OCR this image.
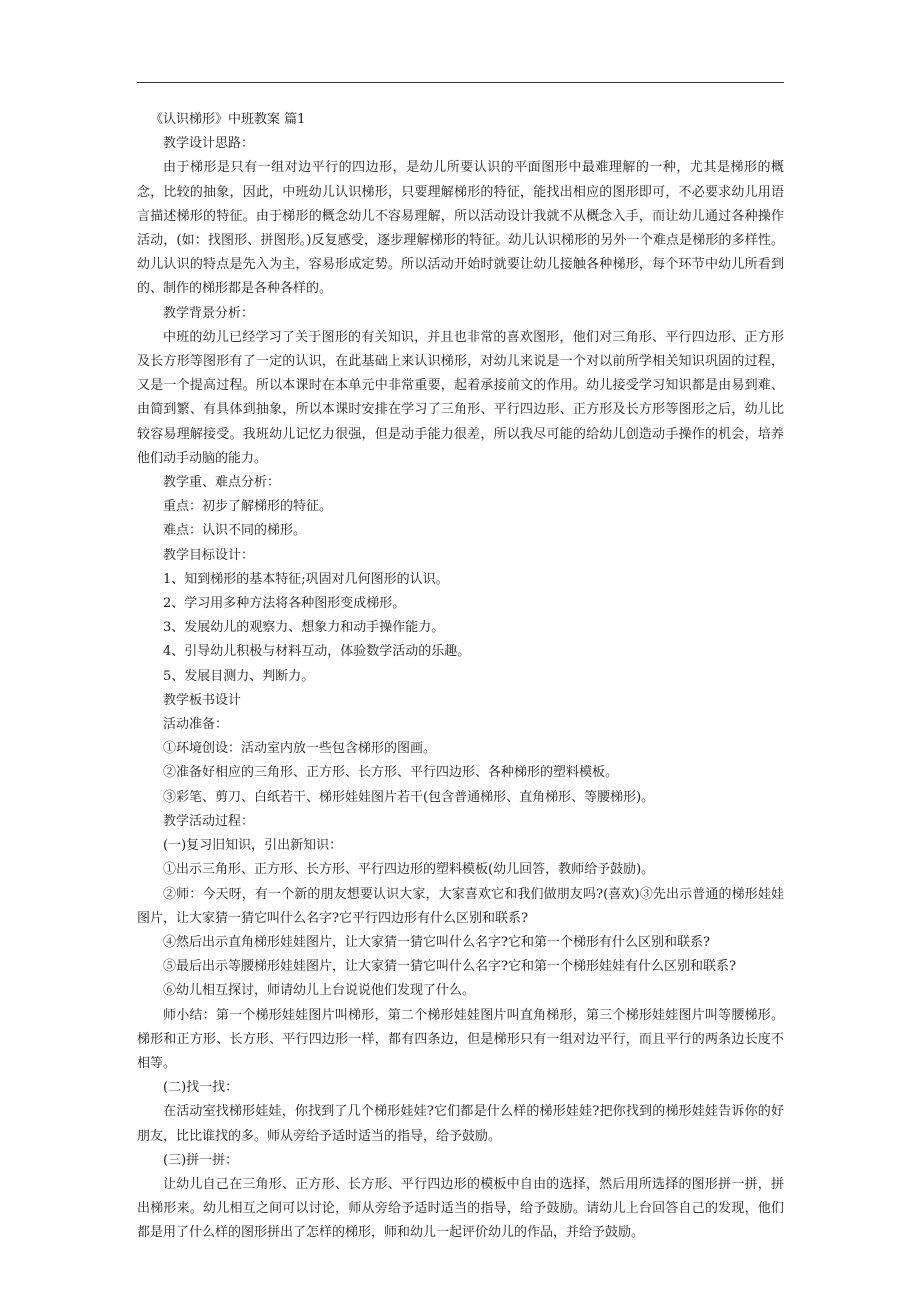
《认识梯形》中班教案 篇1

教学设计思路：

由于梯形是只有一组对边平行的四边形，是幼儿所要认识的平面图形中最难理解的一种，尤其是梯形的概念，比较的抽象，因此，中班幼儿认识梯形，只要理解梯形的特征，能找出相应的图形即可，不必要求幼儿用语言描述梯形的特征。由于梯形的概念幼儿不容易理解，所以活动设计我就不从概念入手，而让幼儿通过各种操作活动，(如：找图形、拼图形。)反复感受，逐步理解梯形的特征。幼儿认识梯形的另外一个难点是梯形的多样性。幼儿认识的特点是先入为主，容易形成定势。所以活动开始时就要让幼儿接触各种梯形，每个环节中幼儿所看到的、制作的梯形都是各种各样的。

教学背景分析：

中班的幼儿已经学习了关于图形的有关知识，并且也非常的喜欢图形，他们对三角形、平行四边形、正方形及长方形等图形有了一定的认识，在此基础上来认识梯形，对幼儿来说是一个对以前所学相关知识巩固的过程，又是一个提高过程。所以本课时在本单元中非常重要，起着承接前文的作用。幼儿接受学习知识都是由易到难、由简到繁、有具体到抽象，所以本课时安排在学习了三角形、平行四边形、正方形及长方形等图形之后，幼儿比较容易理解接受。我班幼儿记忆力很强，但是动手能力很差，所以我尽可能的给幼儿创造动手操作的机会，培养他们动手动脑的能力。

教学重、难点分析：

重点：初步了解梯形的特征。

难点：认识不同的梯形。

教学目标设计：

1、知到梯形的基本特征;巩固对几何图形的认识。

2、学习用多种方法将各种图形变成梯形。

3、发展幼儿的观察力、想象力和动手操作能力。

4、引导幼儿积极与材料互动，体验数学活动的乐趣。

5、发展目测力、判断力。

教学板书设计

活动准备：

①环境创设：活动室内放一些包含梯形的图画。

②准备好相应的三角形、正方形、长方形、平行四边形、各种梯形的塑料模板。

③彩笔、剪刀、白纸若干、梯形娃娃图片若干(包含普通梯形、直角梯形、等腰梯形)。

教学活动过程：

(一)复习旧知识，引出新知识：

①出示三角形、正方形、长方形、平行四边形的塑料模板(幼儿回答，教师给予鼓励)。

②师：今天呀，有一个新的朋友想要认识大家，大家喜欢它和我们做朋友吗?(喜欢)③先出示普通的梯形娃娃图片，让大家猜一猜它叫什么名字?它平行四边形有什么区别和联系?

④然后出示直角梯形娃娃图片，让大家猜一猜它叫什么名字?它和第一个梯形有什么区别和联系?

⑤最后出示等腰梯形娃娃图片，让大家猜一猜它叫什么名字?它和第一个梯形娃娃有什么区别和联系?

⑥幼儿相互探讨，师请幼儿上台说说他们发现了什么。

师小结：第一个梯形娃娃图片叫梯形，第二个梯形娃娃图片叫直角梯形，第三个梯形娃娃图片叫等腰梯形。梯形和正方形、长方形、平行四边形一样，都有四条边，但是梯形只有一组对边平行，而且平行的两条边长度不相等。

(二)找一找：

在活动室找梯形娃娃，你找到了几个梯形娃娃?它们都是什么样的梯形娃娃?把你找到的梯形娃娃告诉你的好朋友，比比谁找的多。师从旁给予适时适当的指导，给予鼓励。

(三)拼一拼：

让幼儿自己在三角形、正方形、长方形、平行四边形的模板中自由的选择，然后用所选择的图形拼一拼，拼出梯形来。幼儿相互之间可以讨论，师从旁给予适时适当的指导，给予鼓励。请幼儿上台回答自己的发现，他们都是用了什么样的图形拼出了怎样的梯形，师和幼儿一起评价幼儿的作品，并给予鼓励。
